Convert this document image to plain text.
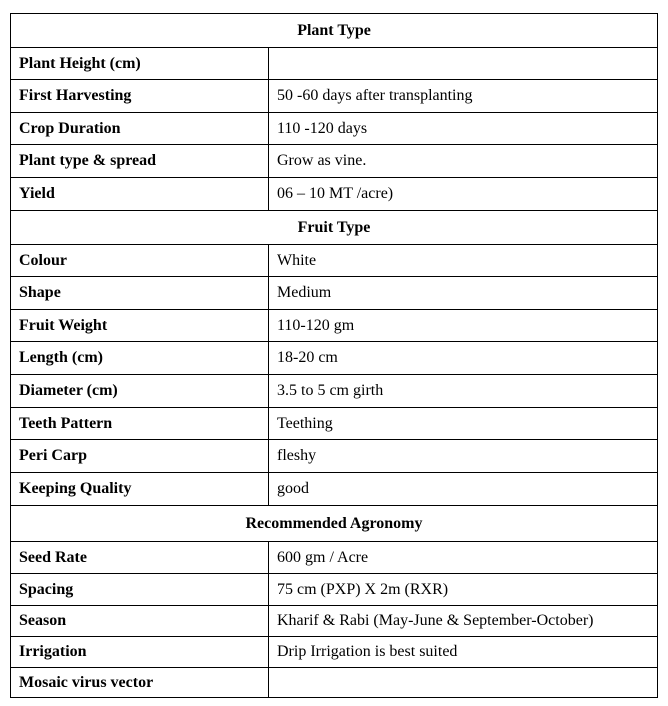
Plant Type	
Plant Height (cm)	
First Harvesting	50 -60 days after transplanting
Crop Duration	110 -120 days
Plant type & spread	Grow as vine.
Yield	06 – 10 MT /acre)
Fruit Type	
Colour	White
Shape	Medium
Fruit Weight	110-120 gm
Length (cm)	18-20 cm
Diameter (cm)	3.5 to 5 cm girth
Teeth Pattern	Teething
Peri Carp	fleshy
Keeping Quality	good
Recommended Agronomy	
Seed Rate	600 gm / Acre
Spacing	75 cm (PXP) X 2m (RXR)
Season	Kharif & Rabi (May-June & September-October)
Irrigation	Drip Irrigation is best suited
Mosaic virus vector	
